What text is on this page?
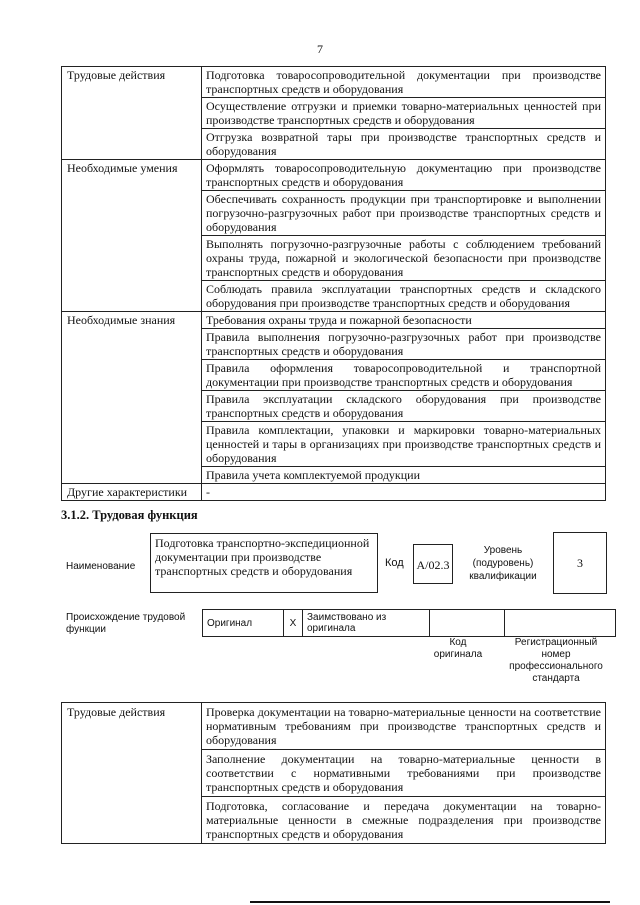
7
Трудовые действия	Подготовка товаросопроводительной документации при производстве транспортных средств и оборудования
	Осуществление отгрузки и приемки товарно-материальных ценностей при производстве транспортных средств и оборудования
	Отгрузка возвратной тары при производстве транспортных средств и оборудования
Необходимые умения	Оформлять товаросопроводительную документацию при производстве транспортных средств и оборудования
	Обеспечивать сохранность продукции при транспортировке и выполнении погрузочно-разгрузочных работ при производстве транспортных средств и оборудования
	Выполнять погрузочно-разгрузочные работы с соблюдением требований охраны труда, пожарной и экологической безопасности при производстве транспортных средств и оборудования
	Соблюдать правила эксплуатации транспортных средств и складского оборудования при производстве транспортных средств и оборудования
Необходимые знания	Требования охраны труда и пожарной безопасности
	Правила выполнения погрузочно-разгрузочных работ при производстве транспортных средств и оборудования
	Правила оформления товаросопроводительной и транспортной документации при производстве транспортных средств и оборудования
	Правила эксплуатации складского оборудования при производстве транспортных средств и оборудования
	Правила комплектации, упаковки и маркировки товарно-материальных ценностей и тары в организациях при производстве транспортных средств и оборудования
	Правила учета комплектуемой продукции
Другие характеристики	-
3.1.2. Трудовая функция
Наименование
Подготовка транспортно-экспедиционной документации при производстве транспортных средств и оборудования
Код А/02.3
Уровень (подуровень) квалификации
3
Происхождение трудовой функции
Оригинал	X	Заимствовано из оригинала		
Код оригинала
Регистрационный номер профессионального стандарта
Трудовые действия	Проверка документации на товарно-материальные ценности на соответствие нормативным требованиям при производстве транспортных средств и оборудования
Заполнение документации на товарно-материальные ценности в соответствии с нормативными требованиями при производстве транспортных средств и оборудования
Подготовка, согласование и передача документации на товарно-материальные ценности в смежные подразделения при производстве транспортных средств и оборудования
